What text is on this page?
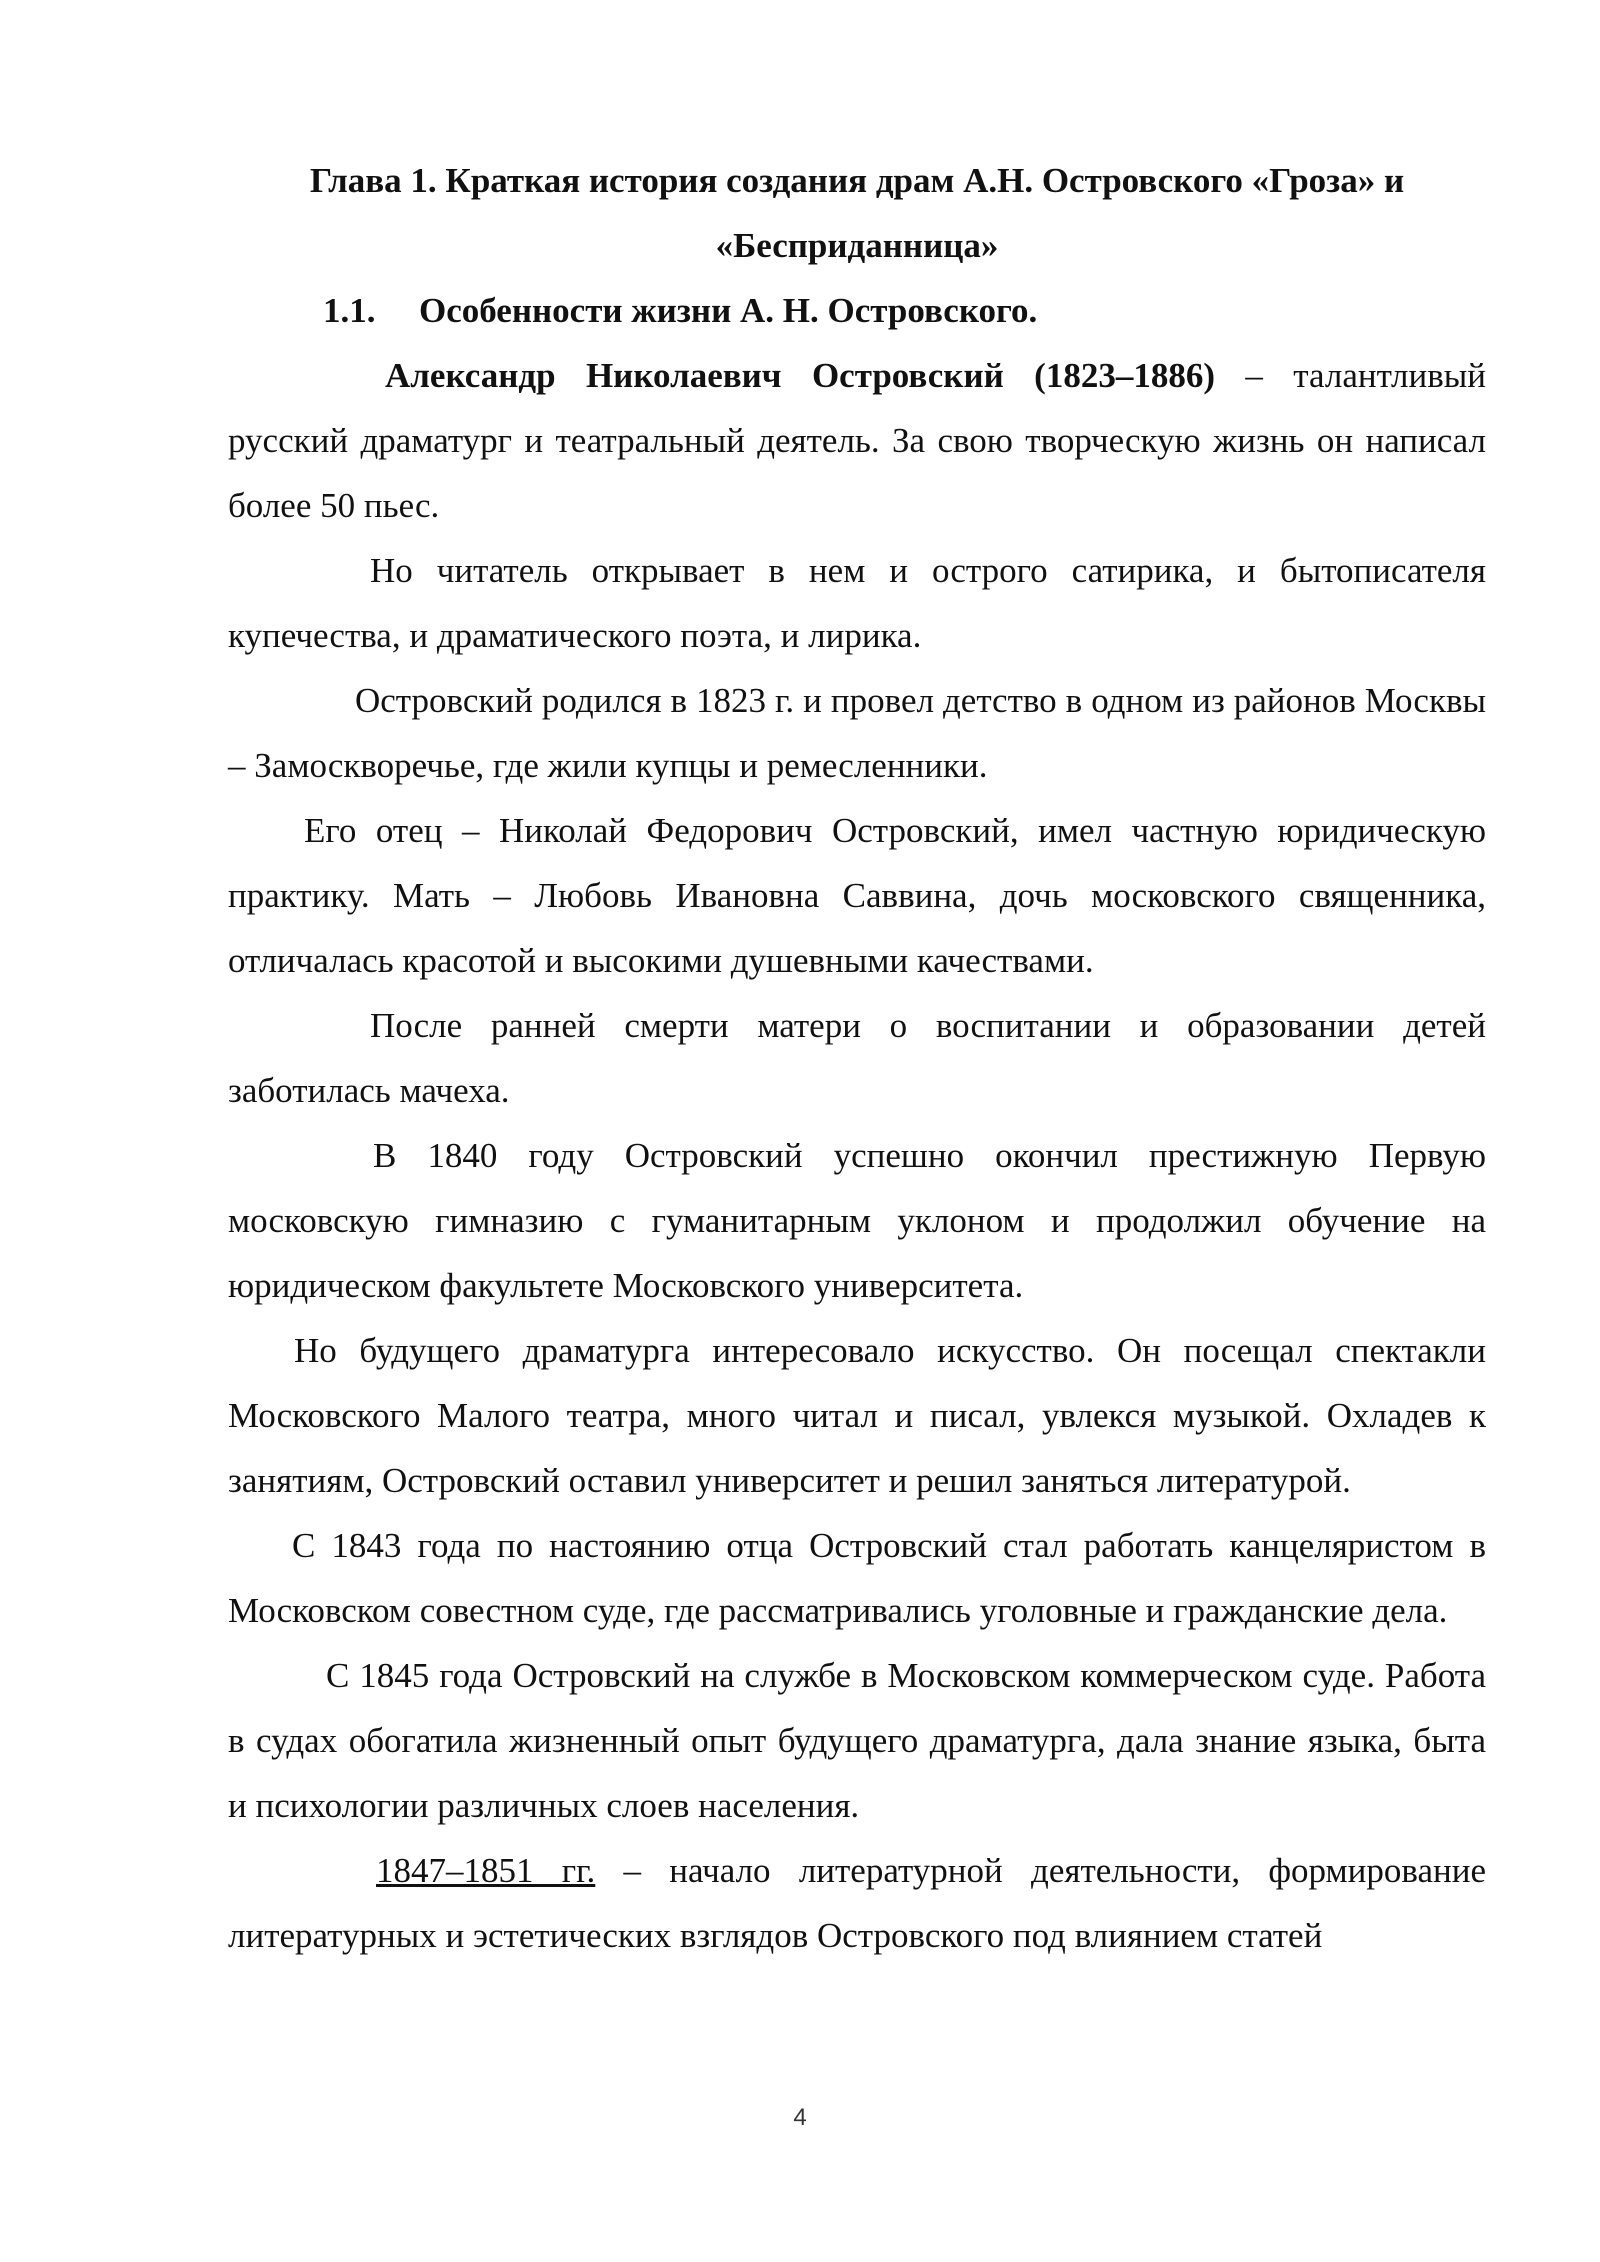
Глава 1. Краткая история создания драм А.Н. Островского «Гроза» и «Бесприданница»

1.1. Особенности жизни А. Н. Островского.

Александр Николаевич Островский (1823–1886) – талантливый русский драматург и театральный деятель. За свою творческую жизнь он написал более 50 пьес.

Но читатель открывает в нем и острого сатирика, и бытописателя купечества, и драматического поэта, и лирика.

Островский родился в 1823 г. и провел детство в одном из районов Москвы – Замоскворечье, где жили купцы и ремесленники.

Его отец – Николай Федорович Островский, имел частную юридическую практику. Мать – Любовь Ивановна Саввина, дочь московского священника, отличалась красотой и высокими душевными качествами.

После ранней смерти матери о воспитании и образовании детей заботилась мачеха.

В 1840 году Островский успешно окончил престижную Первую московскую гимназию с гуманитарным уклоном и продолжил обучение на юридическом факультете Московского университета.

Но будущего драматурга интересовало искусство. Он посещал спектакли Московского Малого театра, много читал и писал, увлекся музыкой. Охладев к занятиям, Островский оставил университет и решил заняться литературой.

С 1843 года по настоянию отца Островский стал работать канцеляристом в Московском совестном суде, где рассматривались уголовные и гражданские дела.

С 1845 года Островский на службе в Московском коммерческом суде. Работа в судах обогатила жизненный опыт будущего драматурга, дала знание языка, быта и психологии различных слоев населения.

1847–1851 гг. – начало литературной деятельности, формирование литературных и эстетических взглядов Островского под влиянием статей

4
